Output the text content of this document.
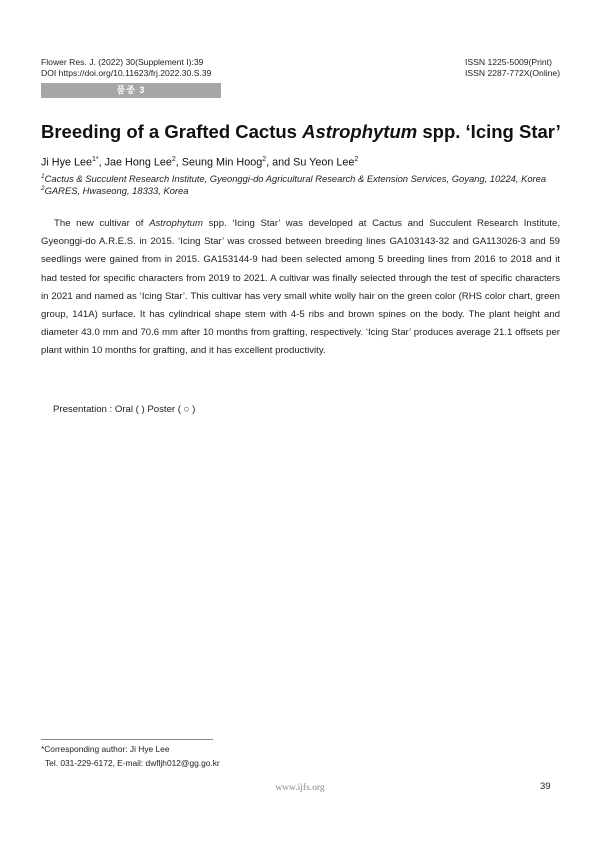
Flower Res. J. (2022) 30(Supplement I):39
DOI https://doi.org/10.11623/frj.2022.30.S.39
ISSN 1225-5009(Print)
ISSN 2287-772X(Online)
품종 3
Breeding of a Grafted Cactus Astrophytum spp. ‘Icing Star’
Ji Hye Lee$^{1*}$, Jae Hong Lee$^2$, Seung Min Hoog$^2$, and Su Yeon Lee$^2$
$^1$Cactus & Succulent Research Institute, Gyeonggi-do Agricultural Research & Extension Services, Goyang, 10224, Korea
$^2$GARES, Hwaseong, 18333, Korea
The new cultivar of Astrophytum spp. ‘Icing Star’ was developed at Cactus and Succulent Research Institute, Gyeonggi-do A.R.E.S. in 2015. ‘Icing Star’ was crossed between breeding lines GA103143-32 and GA113026-3 and 59 seedlings were gained from in 2015. GA153144-9 had been selected among 5 breeding lines from 2016 to 2018 and it had tested for specific characters from 2019 to 2021. A cultivar was finally selected through the test of specific characters in 2021 and named as ‘Icing Star’. This cultivar has very small white wolly hair on the green color (RHS color chart, green group, 141A) surface. It has cylindrical shape stem with 4-5 ribs and brown spines on the body. The plant height and diameter 43.0 mm and 70.6 mm after 10 months from grafting, respectively. ‘Icing Star’ produces average 21.1 offsets per plant within 10 months for grafting, and it has excellent productivity.
Presentation : Oral ( ) Poster ( ○ )
*Corresponding author: Ji Hye Lee
Tel. 031-229-6172, E-mail: dwfljh012@gg.go.kr
www.ijfs.org	39
